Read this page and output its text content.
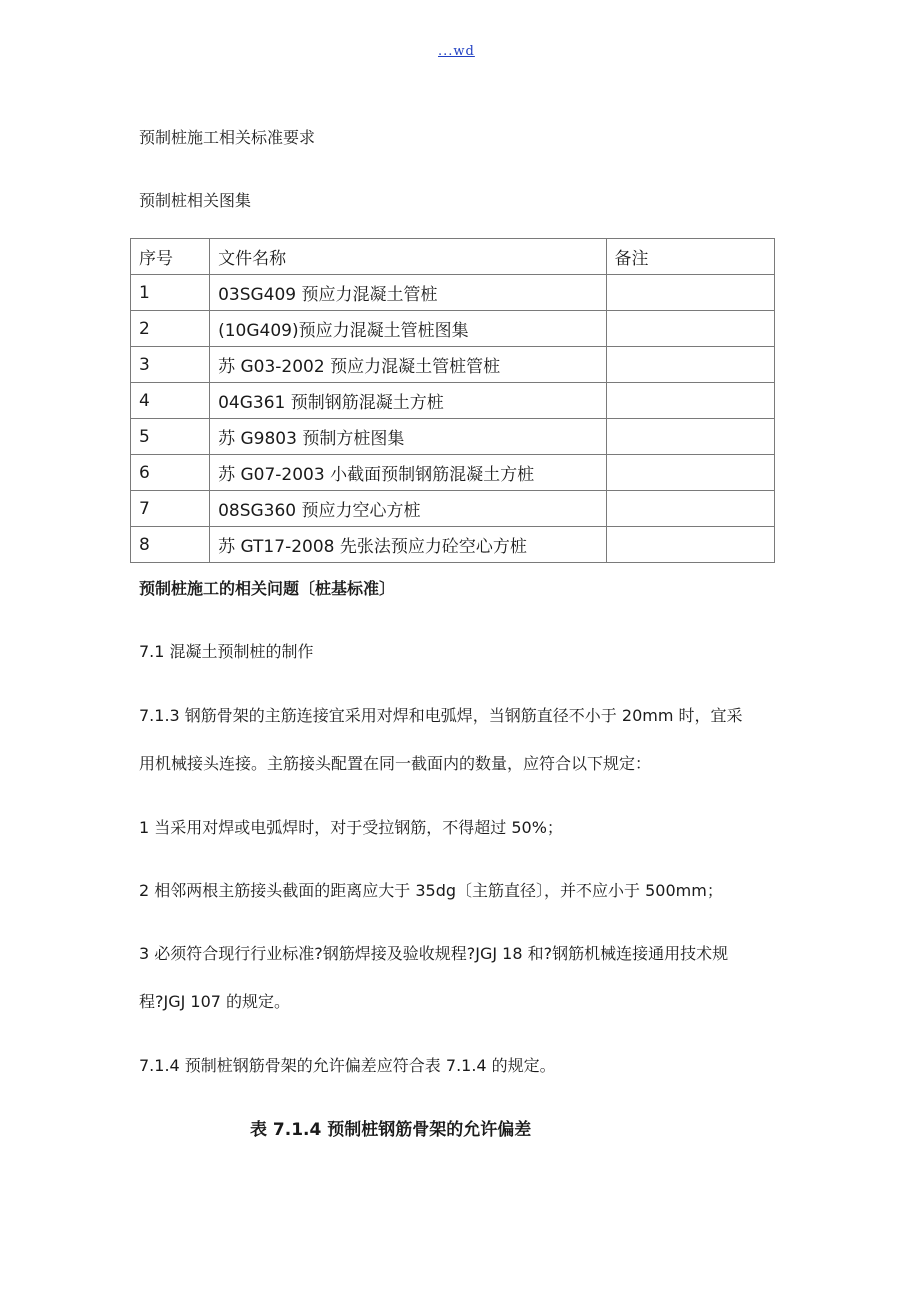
...wd
预制桩施工相关标准要求
预制桩相关图集
序号	文件名称	备注
1	03SG409 预应力混凝土管桩	
2	(10G409)预应力混凝土管桩图集	
3	苏 G03-2002 预应力混凝土管桩管桩	
4	04G361 预制钢筋混凝土方桩	
5	苏 G9803 预制方桩图集	
6	苏 G07-2003 小截面预制钢筋混凝土方桩	
7	08SG360 预应力空心方桩	
8	苏 GT17-2008 先张法预应力砼空心方桩	
预制桩施工的相关问题〔桩基标准〕
7.1 混凝土预制桩的制作
7.1.3 钢筋骨架的主筋连接宜采用对焊和电弧焊，当钢筋直径不小于 20mm 时，宜采
用机械接头连接。主筋接头配置在同一截面内的数量，应符合以下规定：
1 当采用对焊或电弧焊时，对于受拉钢筋，不得超过 50%；
2 相邻两根主筋接头截面的距离应大于 35dg〔主筋直径〕，并不应小于 500mm；
3 必须符合现行行业标准?钢筋焊接及验收规程?JGJ 18 和?钢筋机械连接通用技术规
程?JGJ 107 的规定。
7.1.4 预制桩钢筋骨架的允许偏差应符合表 7.1.4 的规定。
表 7.1.4 预制桩钢筋骨架的允许偏差
